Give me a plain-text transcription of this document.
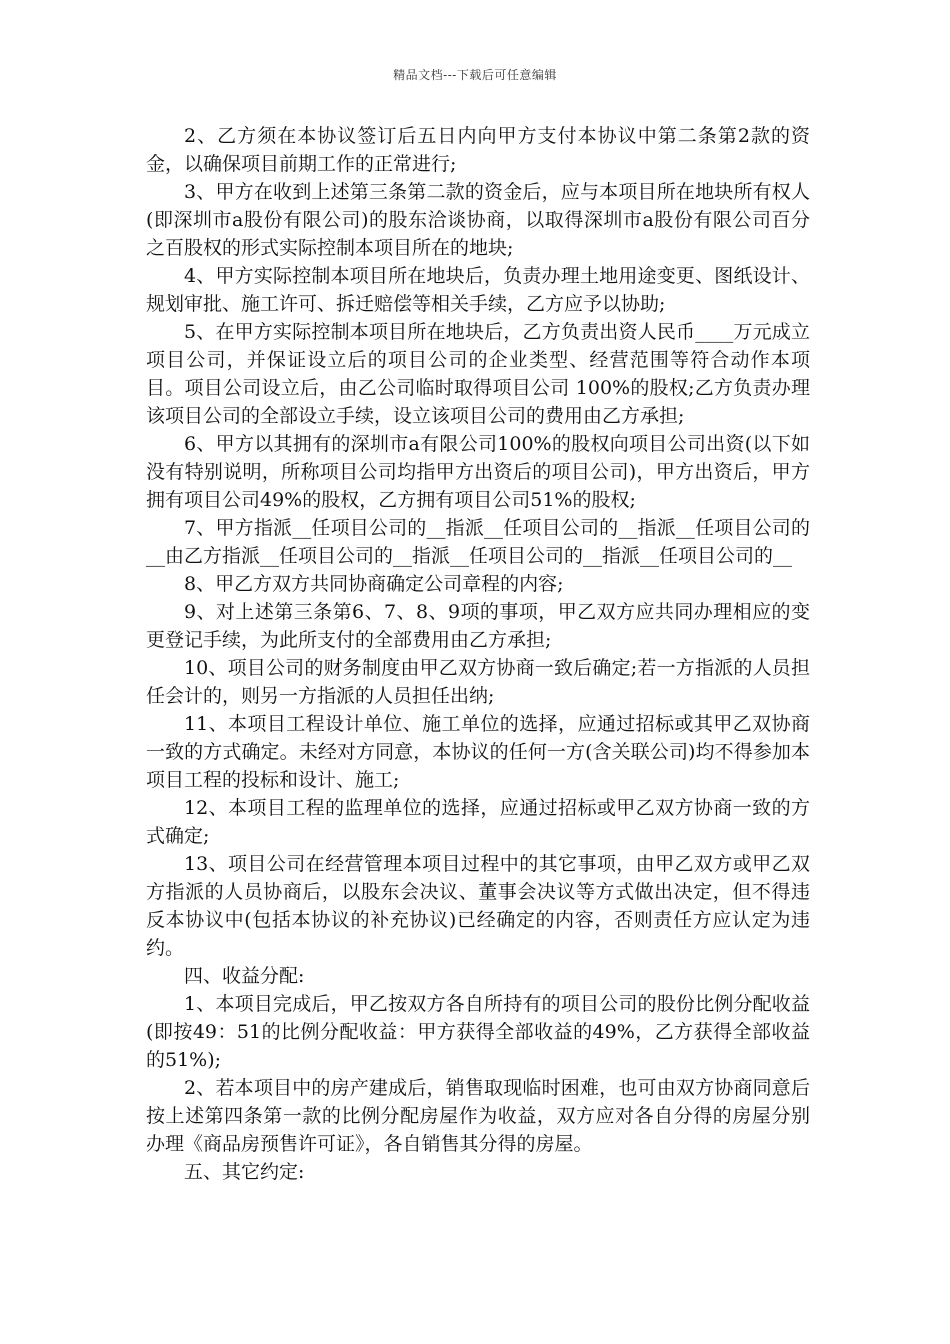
精品文档---下载后可任意编辑

2、乙方须在本协议签订后五日内向甲方支付本协议中第二条第2款的资金，以确保项目前期工作的正常进行;

3、甲方在收到上述第三条第二款的资金后，应与本项目所在地块所有权人(即深圳市a股份有限公司)的股东洽谈协商，以取得深圳市a股份有限公司百分之百股权的形式实际控制本项目所在的地块;

4、甲方实际控制本项目所在地块后，负责办理土地用途变更、图纸设计、规划审批、施工许可、拆迁赔偿等相关手续，乙方应予以协助;

5、在甲方实际控制本项目所在地块后，乙方负责出资人民币____万元成立项目公司，并保证设立后的项目公司的企业类型、经营范围等符合动作本项目。项目公司设立后，由乙公司临时取得项目公司 100%的股权;乙方负责办理该项目公司的全部设立手续，设立该项目公司的费用由乙方承担;

6、甲方以其拥有的深圳市a有限公司100%的股权向项目公司出资(以下如没有特别说明，所称项目公司均指甲方出资后的项目公司)，甲方出资后，甲方拥有项目公司49%的股权，乙方拥有项目公司51%的股权;

7、甲方指派__任项目公司的__指派__任项目公司的__指派__任项目公司的__由乙方指派__任项目公司的__指派__任项目公司的__指派__任项目公司的__

8、甲乙方双方共同协商确定公司章程的内容;

9、对上述第三条第6、7、8、9项的事项，甲乙双方应共同办理相应的变更登记手续，为此所支付的全部费用由乙方承担;

10、项目公司的财务制度由甲乙双方协商一致后确定;若一方指派的人员担任会计的，则另一方指派的人员担任出纳;

11、本项目工程设计单位、施工单位的选择，应通过招标或其甲乙双协商一致的方式确定。未经对方同意，本协议的任何一方(含关联公司)均不得参加本项目工程的投标和设计、施工;

12、本项目工程的监理单位的选择，应通过招标或甲乙双方协商一致的方式确定;

13、项目公司在经营管理本项目过程中的其它事项，由甲乙双方或甲乙双方指派的人员协商后，以股东会决议、董事会决议等方式做出决定，但不得违反本协议中(包括本协议的补充协议)已经确定的内容，否则责任方应认定为违约。

四、收益分配:

1、本项目完成后，甲乙按双方各自所持有的项目公司的股份比例分配收益(即按49：51的比例分配收益：甲方获得全部收益的49%，乙方获得全部收益的51%);

2、若本项目中的房产建成后，销售取现临时困难，也可由双方协商同意后按上述第四条第一款的比例分配房屋作为收益，双方应对各自分得的房屋分别办理《商品房预售许可证》，各自销售其分得的房屋。

五、其它约定:
